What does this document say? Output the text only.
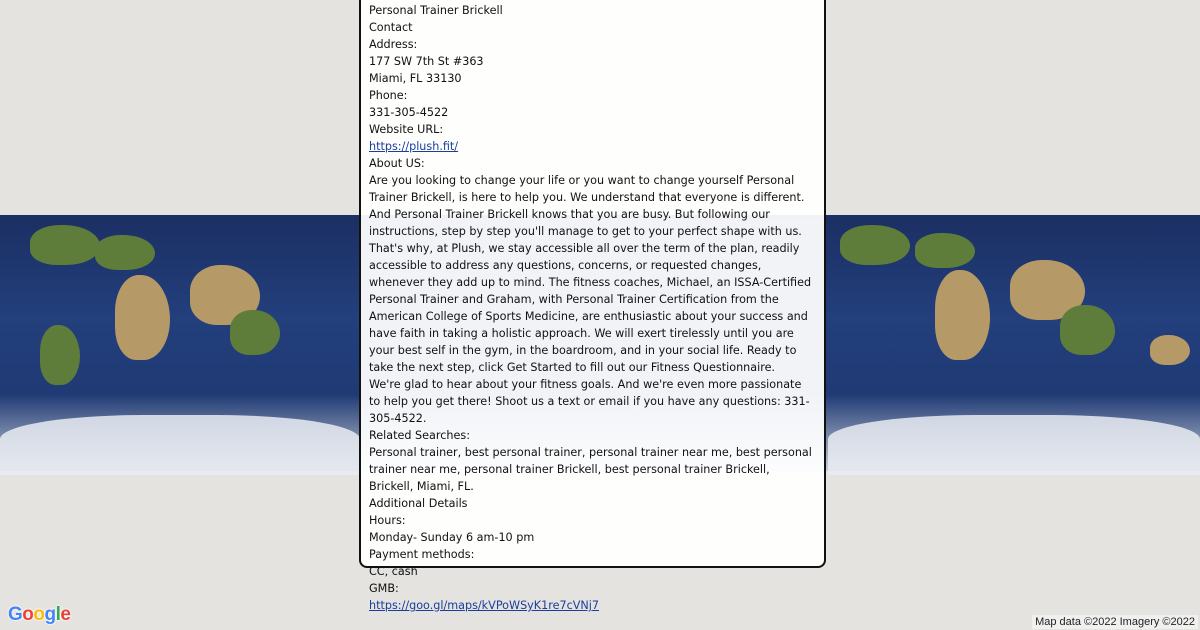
Personal Trainer Brickell
Contact
Address:
177 SW 7th St #363
Miami, FL 33130
Phone:
331-305-4522
Website URL:
https://plush.fit/
About US:

Are you looking to change your life or you want to change yourself Personal Trainer Brickell, is here to help you. We understand that everyone is different. And Personal Trainer Brickell knows that you are busy. But following our instructions, step by step you'll manage to get to your perfect shape with us. That's why, at Plush, we stay accessible all over the term of the plan, readily accessible to address any questions, concerns, or requested changes, whenever they add up to mind. The fitness coaches, Michael, an ISSA-Certified Personal Trainer and Graham, with Personal Trainer Certification from the American College of Sports Medicine, are enthusiastic about your success and have faith in taking a holistic approach. We will exert tirelessly until you are your best self in the gym, in the boardroom, and in your social life. Ready to take the next step, click Get Started to fill out our Fitness Questionnaire.

We're glad to hear about your fitness goals. And we're even more passionate to help you get there! Shoot us a text or email if you have any questions: 331-305-4522.

Related Searches:

Personal trainer, best personal trainer, personal trainer near me, best personal trainer near me, personal trainer Brickell, best personal trainer Brickell, Brickell, Miami, FL.

Additional Details
Hours:
Monday- Sunday 6 am-10 pm
Payment methods:
CC, cash
GMB:
https://goo.gl/maps/kVPoWSyK1re7cVNj7
Google	Map data ©2022 Imagery ©2022
